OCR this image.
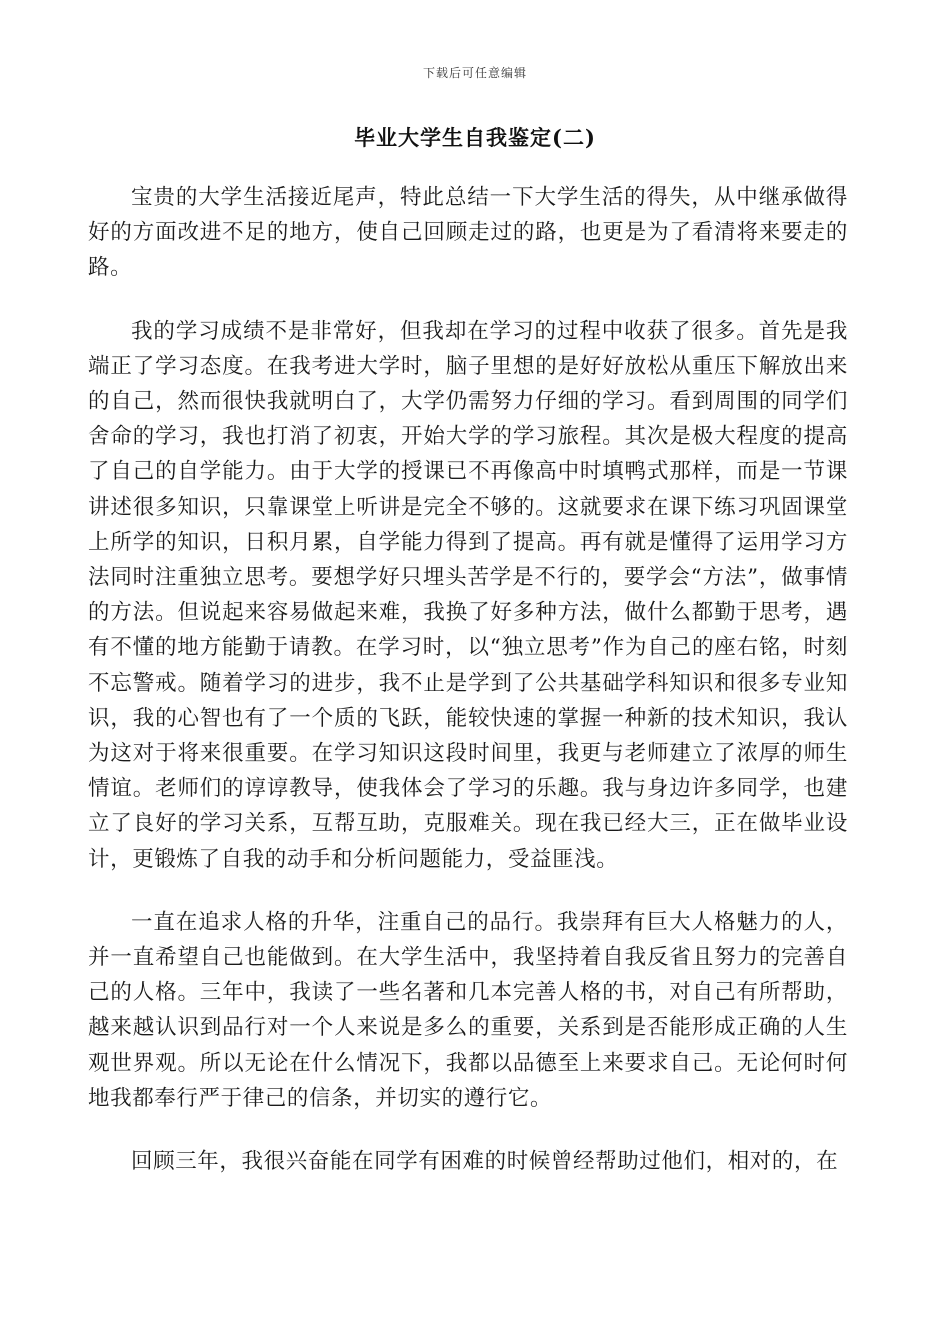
下载后可任意编辑
毕业大学生自我鉴定(二)

宝贵的大学生活接近尾声，特此总结一下大学生活的得失，从中继承做得好的方面改进不足的地方，使自己回顾走过的路，也更是为了看清将来要走的路。

我的学习成绩不是非常好，但我却在学习的过程中收获了很多。首先是我端正了学习态度。在我考进大学时，脑子里想的是好好放松从重压下解放出来的自己，然而很快我就明白了，大学仍需努力仔细的学习。看到周围的同学们舍命的学习，我也打消了初衷，开始大学的学习旅程。其次是极大程度的提高了自己的自学能力。由于大学的授课已不再像高中时填鸭式那样，而是一节课讲述很多知识，只靠课堂上听讲是完全不够的。这就要求在课下练习巩固课堂上所学的知识，日积月累，自学能力得到了提高。再有就是懂得了运用学习方法同时注重独立思考。要想学好只埋头苦学是不行的，要学会“方法”，做事情的方法。但说起来容易做起来难，我换了好多种方法，做什么都勤于思考，遇有不懂的地方能勤于请教。在学习时，以“独立思考”作为自己的座右铭，时刻不忘警戒。随着学习的进步，我不止是学到了公共基础学科知识和很多专业知识，我的心智也有了一个质的飞跃，能较快速的掌握一种新的技术知识，我认为这对于将来很重要。在学习知识这段时间里，我更与老师建立了浓厚的师生情谊。老师们的谆谆教导，使我体会了学习的乐趣。我与身边许多同学，也建立了良好的学习关系，互帮互助，克服难关。现在我已经大三，正在做毕业设计，更锻炼了自我的动手和分析问题能力，受益匪浅。

一直在追求人格的升华，注重自己的品行。我崇拜有巨大人格魅力的人，并一直希望自己也能做到。在大学生活中，我坚持着自我反省且努力的完善自己的人格。三年中，我读了一些名著和几本完善人格的书，对自己有所帮助，越来越认识到品行对一个人来说是多么的重要，关系到是否能形成正确的人生观世界观。所以无论在什么情况下，我都以品德至上来要求自己。无论何时何地我都奉行严于律己的信条，并切实的遵行它。

回顾三年，我很兴奋能在同学有困难的时候曾经帮助过他们，相对的，在
